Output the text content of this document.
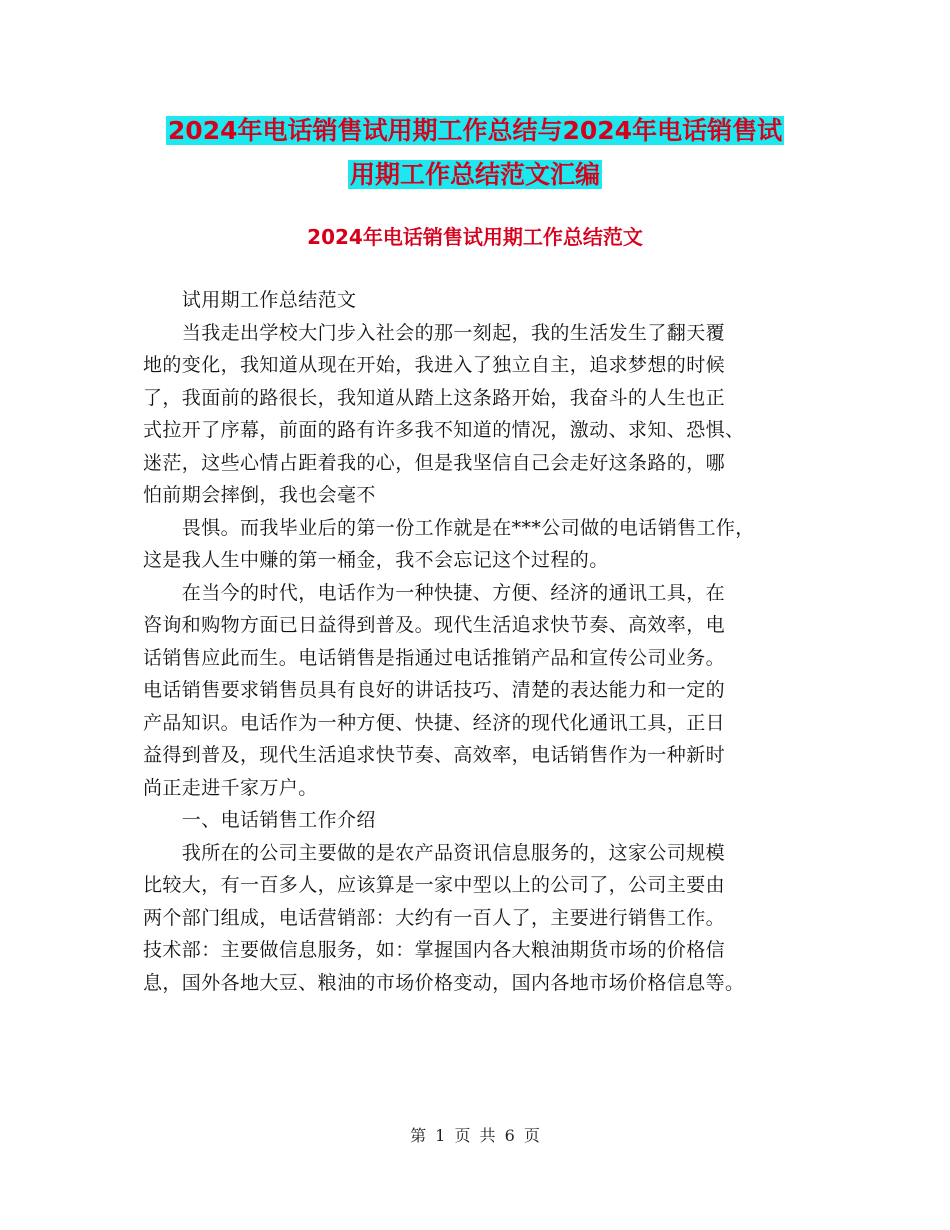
2024年电话销售试用期工作总结与2024年电话销售试
用期工作总结范文汇编
2024年电话销售试用期工作总结范文

　　试用期工作总结范文

　　当我走出学校大门步入社会的那一刻起，我的生活发生了翻天覆

地的变化，我知道从现在开始，我进入了独立自主，追求梦想的时候

了，我面前的路很长，我知道从踏上这条路开始，我奋斗的人生也正

式拉开了序幕，前面的路有许多我不知道的情况，激动、求知、恐惧、

迷茫，这些心情占距着我的心，但是我坚信自己会走好这条路的，哪

怕前期会摔倒，我也会毫不

　　畏惧。而我毕业后的第一份工作就是在***公司做的电话销售工作，

这是我人生中赚的第一桶金，我不会忘记这个过程的。

　　在当今的时代，电话作为一种快捷、方便、经济的通讯工具，在

咨询和购物方面已日益得到普及。现代生活追求快节奏、高效率，电

话销售应此而生。电话销售是指通过电话推销产品和宣传公司业务。

电话销售要求销售员具有良好的讲话技巧、清楚的表达能力和一定的

产品知识。电话作为一种方便、快捷、经济的现代化通讯工具，正日

益得到普及，现代生活追求快节奏、高效率，电话销售作为一种新时

尚正走进千家万户。

　　一、电话销售工作介绍

　　我所在的公司主要做的是农产品资讯信息服务的，这家公司规模

比较大，有一百多人，应该算是一家中型以上的公司了，公司主要由

两个部门组成，电话营销部：大约有一百人了，主要进行销售工作。

技术部：主要做信息服务，如：掌握国内各大粮油期货市场的价格信

息，国外各地大豆、粮油的市场价格变动，国内各地市场价格信息等。

第 1 页 共 6 页
